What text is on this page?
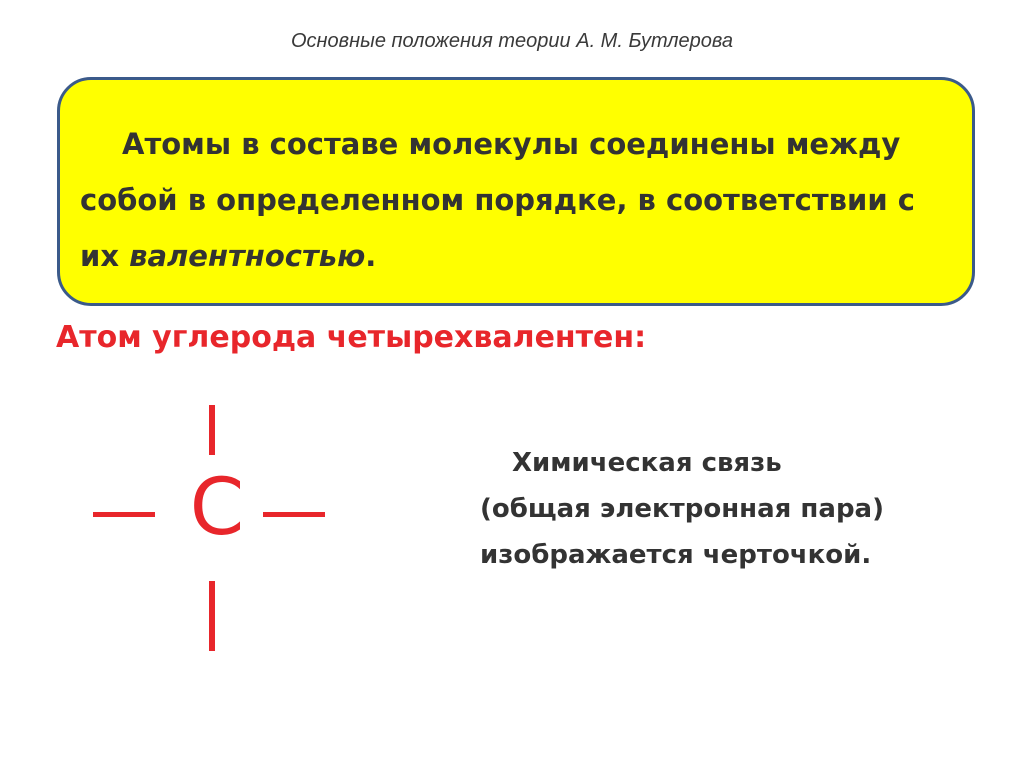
Основные положения теории А. М. Бутлерова

Атомы в составе молекулы соединены между собой в определенном порядке, в соответствии с их валентностью.

Атом углерода четырехвалентен:

C	Химическая связь (общая электронная пара) изображается черточкой.
